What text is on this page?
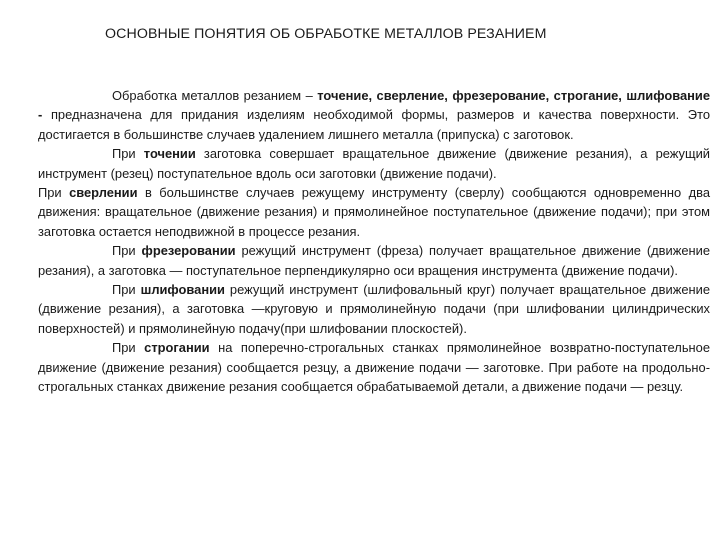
ОСНОВНЫЕ ПОНЯТИЯ ОБ ОБРАБОТКЕ МЕТАЛЛОВ РЕЗАНИЕМ

Обработка металлов резанием – точение, сверление, фрезерование, строгание, шлифование - предназначена для придания изделиям необходимой формы, размеров и качества поверхности. Это достигается в большинстве случаев удалением лишнего металла (припуска) с заготовок.

При точении заготовка совершает вращательное движение (движение резания), а режущий инструмент (резец) поступательное вдоль оси заготовки (движение подачи).

При сверлении в большинстве случаев режущему инструменту (сверлу) сообщаются одновременно два движения: вращательное (движение резания) и прямолинейное поступательное (движение подачи); при этом заготовка остается неподвижной в процессе резания.

При фрезеровании режущий инструмент (фреза) получает вращательное движение (движение резания), а заготовка — поступательное перпендикулярно оси вращения инструмента (движение подачи).

При шлифовании режущий инструмент (шлифовальный круг) получает вращательное движение (движение резания), а заготовка —круговую и прямолинейную подачи (при шлифовании цилиндрических поверхностей) и прямолинейную подачу(при шлифовании плоскостей).

При строгании на поперечно-строгальных станках прямолинейное возвратно-поступательное движение (движение резания) сообщается резцу, а движение подачи — заготовке. При работе на продольно-строгальных станках движение резания сообщается обрабатываемой детали, а движение подачи — резцу.
